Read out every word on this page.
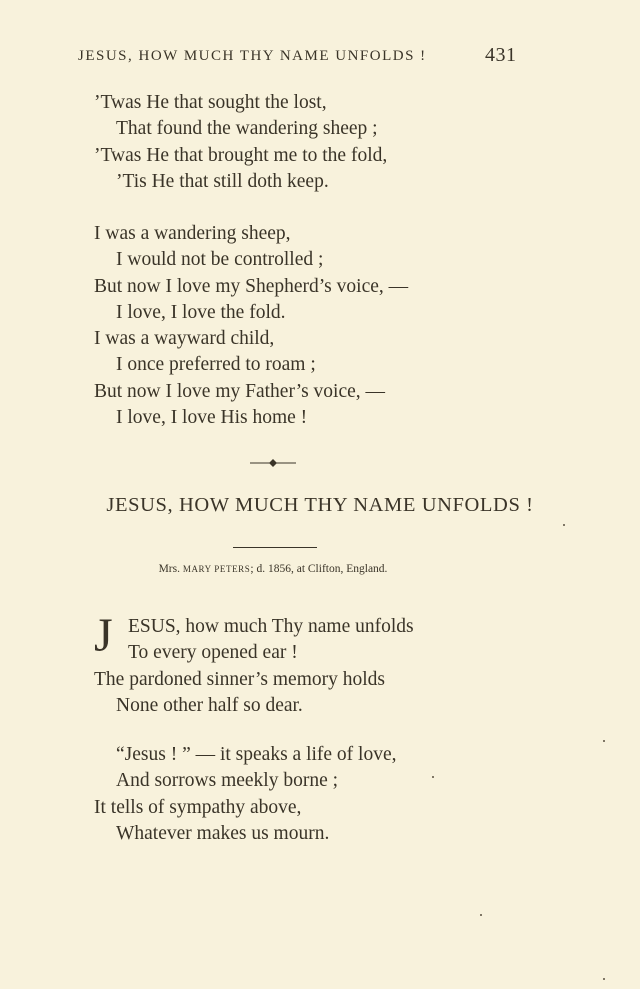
JESUS, HOW MUCH THY NAME UNFOLDS !	431
’Twas He that sought the lost,
That found the wandering sheep ;
’Twas He that brought me to the fold,
’Tis He that still doth keep.
I was a wandering sheep,
I would not be controlled ;
But now I love my Shepherd’s voice, —
I love, I love the fold.
I was a wayward child,
I once preferred to roam ;
But now I love my Father’s voice, —
I love, I love His home !
JESUS, HOW MUCH THY NAME UNFOLDS !
Mrs. MARY PETERS; d. 1856, at Clifton, England.
J ESUS, how much Thy name unfolds
To every opened ear !
The pardoned sinner’s memory holds
None other half so dear.
“Jesus ! ” — it speaks a life of love,
And sorrows meekly borne ;
It tells of sympathy above,
Whatever makes us mourn.
